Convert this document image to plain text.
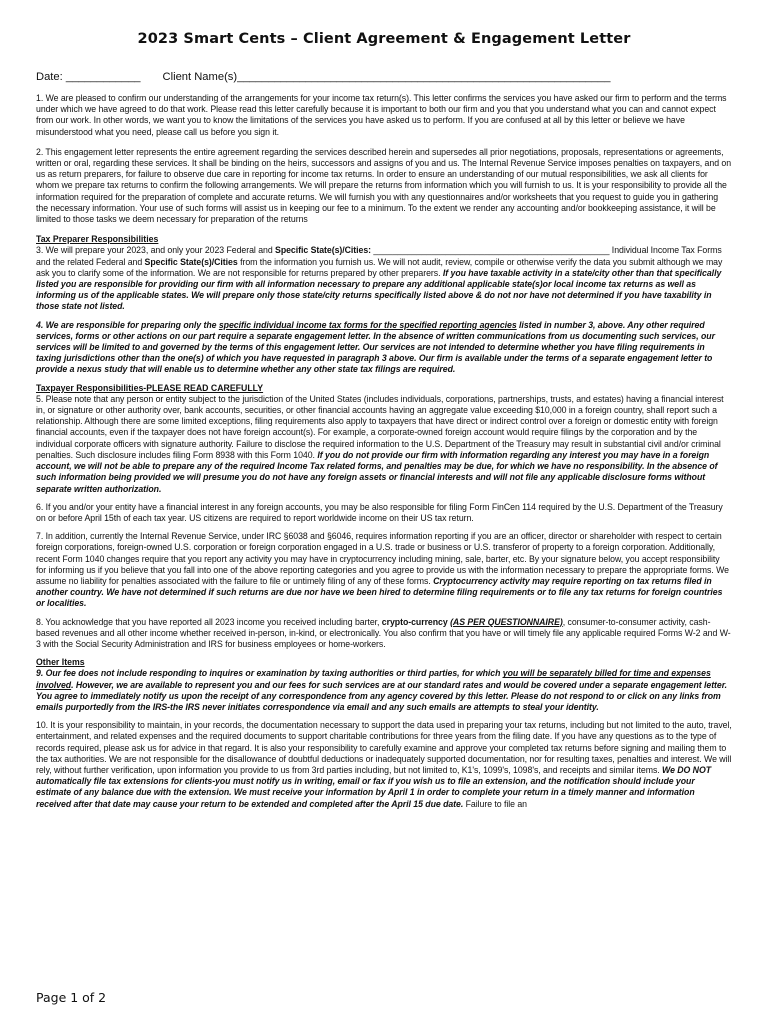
2023 Smart Cents – Client Agreement & Engagement Letter
Date: ____________ Client Name(s)____________________________________________________________

1. We are pleased to confirm our understanding of the arrangements for your income tax return(s). This letter confirms the services you have asked our firm to perform and the terms under which we have agreed to do that work. Please read this letter carefully because it is important to both our firm and you that you understand what you can and cannot expect from our work. In other words, we want you to know the limitations of the services you have asked us to perform. If you are confused at all by this letter or believe we have misunderstood what you need, please call us before you sign it.

2. This engagement letter represents the entire agreement regarding the services described herein and supersedes all prior negotiations, proposals, representations or agreements, written or oral, regarding these services. It shall be binding on the heirs, successors and assigns of you and us. The Internal Revenue Service imposes penalties on taxpayers, and on us as return preparers, for failure to observe due care in reporting for income tax returns. In order to ensure an understanding of our mutual responsibilities, we ask all clients for whom we prepare tax returns to confirm the following arrangements. We will prepare the returns from information which you will furnish to us. It is your responsibility to provide all the information required for the preparation of complete and accurate returns. We will furnish you with any questionnaires and/or worksheets that you request to guide you in gathering the necessary information. Your use of such forms will assist us in keeping our fee to a minimum. To the extent we render any accounting and/or bookkeeping assistance, it will be limited to those tasks we deem necessary for preparation of the returns

Tax Preparer Responsibilities

3. We will prepare your 2023, and only your 2023 Federal and Specific State(s)/Cities: _________________________________________________ Individual Income Tax Forms and the related Federal and Specific State(s)/Cities from the information you furnish us. We will not audit, review, compile or otherwise verify the data you submit although we may ask you to clarify some of the information. We are not responsible for returns prepared by other preparers. If you have taxable activity in a state/city other than that specifically listed you are responsible for providing our firm with all information necessary to prepare any additional applicable state(s)or local income tax returns as well as informing us of the applicable states. We will prepare only those state/city returns specifically listed above & do not nor have not determined if you have taxability in those state not listed.

4. We are responsible for preparing only the specific individual income tax forms for the specified reporting agencies listed in number 3, above. Any other required services, forms or other actions on our part require a separate engagement letter. In the absence of written communications from us documenting such services, our services will be limited to and governed by the terms of this engagement letter. Our services are not intended to determine whether you have filing requirements in taxing jurisdictions other than the one(s) of which you have requested in paragraph 3 above. Our firm is available under the terms of a separate engagement letter to provide a nexus study that will enable us to determine whether any other state tax filings are required.

Taxpayer Responsibilities-PLEASE READ CAREFULLY

5. Please note that any person or entity subject to the jurisdiction of the United States (includes individuals, corporations, partnerships, trusts, and estates) having a financial interest in, or signature or other authority over, bank accounts, securities, or other financial accounts having an aggregate value exceeding $10,000 in a foreign country, shall report such a relationship. Although there are some limited exceptions, filing requirements also apply to taxpayers that have direct or indirect control over a foreign or domestic entity with foreign financial accounts, even if the taxpayer does not have foreign account(s). For example, a corporate-owned foreign account would require filings by the corporation and by the individual corporate officers with signature authority. Failure to disclose the required information to the U.S. Department of the Treasury may result in substantial civil and/or criminal penalties. Such disclosure includes filing Form 8938 with this Form 1040. If you do not provide our firm with information regarding any interest you may have in a foreign account, we will not be able to prepare any of the required Income Tax related forms, and penalties may be due, for which we have no responsibility. In the absence of such information being provided we will presume you do not have any foreign assets or financial interests and will not file any applicable disclosure forms without separate written authorization.

6. If you and/or your entity have a financial interest in any foreign accounts, you may be also responsible for filing Form FinCen 114 required by the U.S. Department of the Treasury on or before April 15th of each tax year. US citizens are required to report worldwide income on their US tax return.

7. In addition, currently the Internal Revenue Service, under IRC §6038 and §6046, requires information reporting if you are an officer, director or shareholder with respect to certain foreign corporations, foreign-owned U.S. corporation or foreign corporation engaged in a U.S. trade or business or U.S. transferor of property to a foreign corporation. Additionally, recent Form 1040 changes require that you report any activity you may have in cryptocurrency including mining, sale, barter, etc. By your signature below, you accept responsibility for informing us if you believe that you fall into one of the above reporting categories and you agree to provide us with the information necessary to prepare the appropriate forms. We assume no liability for penalties associated with the failure to file or untimely filing of any of these forms. Cryptocurrency activity may require reporting on tax returns filed in another country. We have not determined if such returns are due nor have we been hired to determine filing requirements or to file any tax returns for foreign countries or localities.

8. You acknowledge that you have reported all 2023 income you received including barter, crypto-currency (AS PER QUESTIONNAIRE), consumer-to-consumer activity, cash-based revenues and all other income whether received in-person, in-kind, or electronically. You also confirm that you have or will timely file any applicable required Forms W-2 and W-3 with the Social Security Administration and IRS for business employees or home-workers.

Other Items

9. Our fee does not include responding to inquires or examination by taxing authorities or third parties, for which you will be separately billed for time and expenses involved. However, we are available to represent you and our fees for such services are at our standard rates and would be covered under a separate engagement letter. You agree to immediately notify us upon the receipt of any correspondence from any agency covered by this letter. Please do not respond to or click on any links from emails purportedly from the IRS-the IRS never initiates correspondence via email and any such emails are attempts to steal your identity.

10. It is your responsibility to maintain, in your records, the documentation necessary to support the data used in preparing your tax returns, including but not limited to the auto, travel, entertainment, and related expenses and the required documents to support charitable contributions for three years from the filing date. If you have any questions as to the type of records required, please ask us for advice in that regard. It is also your responsibility to carefully examine and approve your completed tax returns before signing and mailing them to the tax authorities. We are not responsible for the disallowance of doubtful deductions or inadequately supported documentation, nor for resulting taxes, penalties and interest. We will rely, without further verification, upon information you provide to us from 3rd parties including, but not limited to, K1's, 1099's, 1098's, and receipts and similar items. We DO NOT automatically file tax extensions for clients-you must notify us in writing, email or fax if you wish us to file an extension, and the notification should include your estimate of any balance due with the extension. We must receive your information by April 1 in order to complete your return in a timely manner and information received after that date may cause your return to be extended and completed after the April 15 due date. Failure to file an

Page 1 of 2
